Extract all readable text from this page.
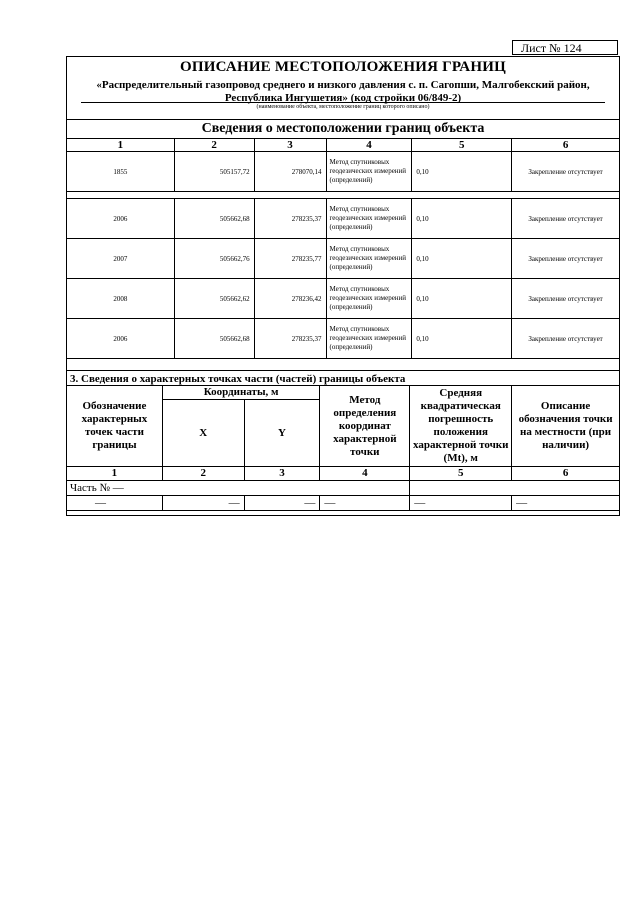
Лист № 124
ОПИСАНИЕ МЕСТОПОЛОЖЕНИЯ ГРАНИЦ
«Распределительный газопровод среднего и низкого давления с. п. Сагопши, Малгобекский район, Республика Ингушетия» (код стройки 06/849-2)
(наименование объекта, местоположение границ которого описано)
Сведения о местоположении границ объекта
1	2	3	4	5	6
1855	505157,72	278070,14	Метод спутниковых геодезических измерений (определений)	0,10	Закрепление отсутствует

2006	505662,68	278235,37	Метод спутниковых геодезических измерений (определений)	0,10	Закрепление отсутствует
2007	505662,76	278235,77	Метод спутниковых геодезических измерений (определений)	0,10	Закрепление отсутствует
2008	505662,62	278236,42	Метод спутниковых геодезических измерений (определений)	0,10	Закрепление отсутствует
2006	505662,68	278235,37	Метод спутниковых геодезических измерений (определений)	0,10	Закрепление отсутствует
3. Сведения о характерных точках части (частей) границы объекта
Обозначение характерных точек части границы	Координаты, м		Метод определения координат характерной точки	Средняя квадратическая погрешность положения характерной точки (Mt), м	Описание обозначения точки на местности (при наличии)
	X	Y			
1	2	3	4	5	6
Часть № —					
—	—	—	—	—	—
